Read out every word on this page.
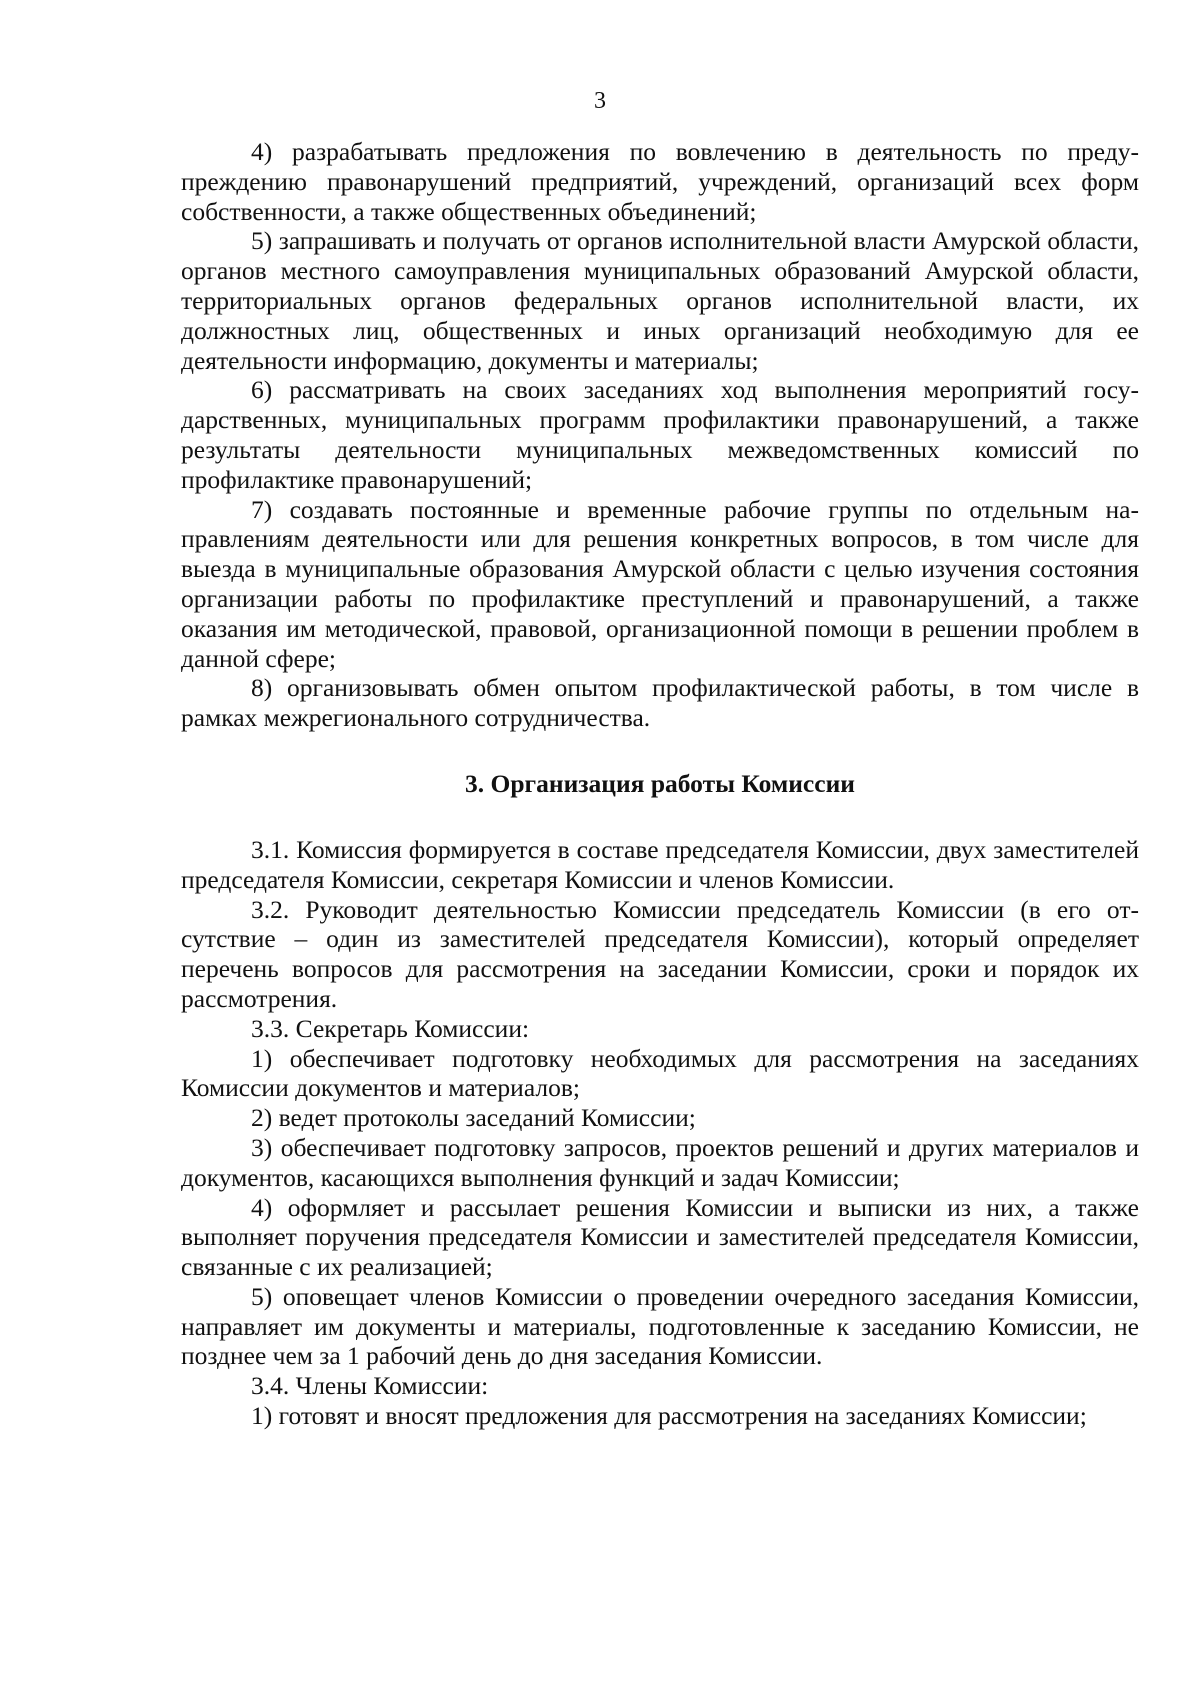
3

4) разрабатывать предложения по вовлечению в деятельность по предупреждению правонарушений предприятий, учреждений, организаций всех форм собственности, а также общественных объединений;

5) запрашивать и получать от органов исполнительной власти Амурской области, органов местного самоуправления муниципальных образований Амурской области, территориальных органов федеральных органов исполнительной власти, их должностных лиц, общественных и иных организаций необходимую для ее деятельности информацию, документы и материалы;

6) рассматривать на своих заседаниях ход выполнения мероприятий государственных, муниципальных программ профилактики правонарушений, а также результаты деятельности муниципальных межведомственных комиссий по профилактике правонарушений;

7) создавать постоянные и временные рабочие группы по отдельным направлениям деятельности или для решения конкретных вопросов, в том числе для выезда в муниципальные образования Амурской области с целью изучения состояния организации работы по профилактике преступлений и правонарушений, а также оказания им методической, правовой, организационной помощи в решении проблем в данной сфере;

8) организовывать обмен опытом профилактической работы, в том числе в рамках межрегионального сотрудничества.

3. Организация работы Комиссии

3.1. Комиссия формируется в составе председателя Комиссии, двух заместителей председателя Комиссии, секретаря Комиссии и членов Комиссии.

3.2. Руководит деятельностью Комиссии председатель Комиссии (в его отсутствие – один из заместителей председателя Комиссии), который определяет перечень вопросов для рассмотрения на заседании Комиссии, сроки и порядок их рассмотрения.

3.3. Секретарь Комиссии:

1) обеспечивает подготовку необходимых для рассмотрения на заседаниях Комиссии документов и материалов;

2) ведет протоколы заседаний Комиссии;

3) обеспечивает подготовку запросов, проектов решений и других материалов и документов, касающихся выполнения функций и задач Комиссии;

4) оформляет и рассылает решения Комиссии и выписки из них, а также выполняет поручения председателя Комиссии и заместителей председателя Комиссии, связанные с их реализацией;

5) оповещает членов Комиссии о проведении очередного заседания Комиссии, направляет им документы и материалы, подготовленные к заседанию Комиссии, не позднее чем за 1 рабочий день до дня заседания Комиссии.

3.4. Члены Комиссии:

1) готовят и вносят предложения для рассмотрения на заседаниях Комиссии;
